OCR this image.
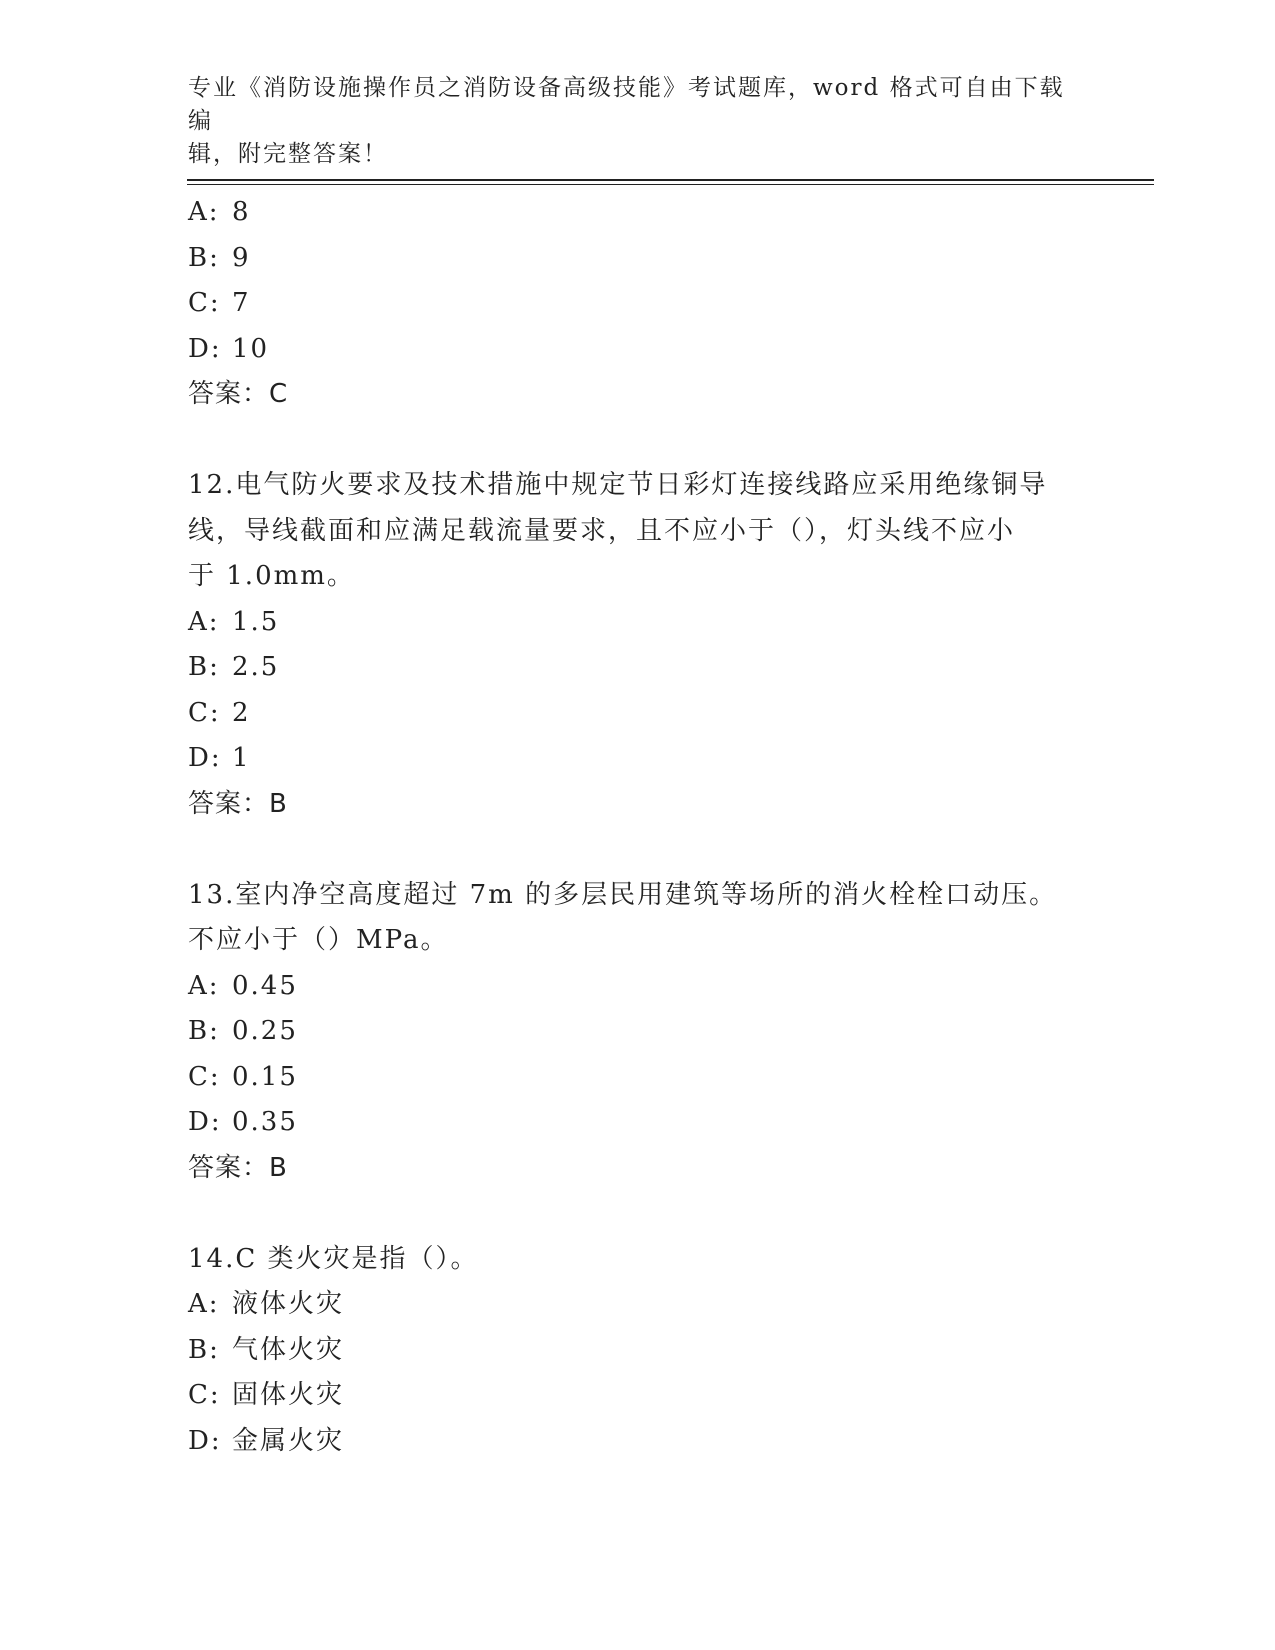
专业《消防设施操作员之消防设备高级技能》考试题库，word 格式可自由下载编
辑，附完整答案！
A: 8
B: 9
C: 7
D: 10
答案：C
12.电气防火要求及技术措施中规定节日彩灯连接线路应采用绝缘铜导
线，导线截面和应满足载流量要求，且不应小于（），灯头线不应小
于 1.0mm。
A: 1.5
B: 2.5
C: 2
D: 1
答案：B
13.室内净空高度超过 7m 的多层民用建筑等场所的消火栓栓口动压。
不应小于（）MPa。
A: 0.45
B: 0.25
C: 0.15
D: 0.35
答案：B
14.C 类火灾是指（）。
A: 液体火灾
B: 气体火灾
C: 固体火灾
D: 金属火灾
